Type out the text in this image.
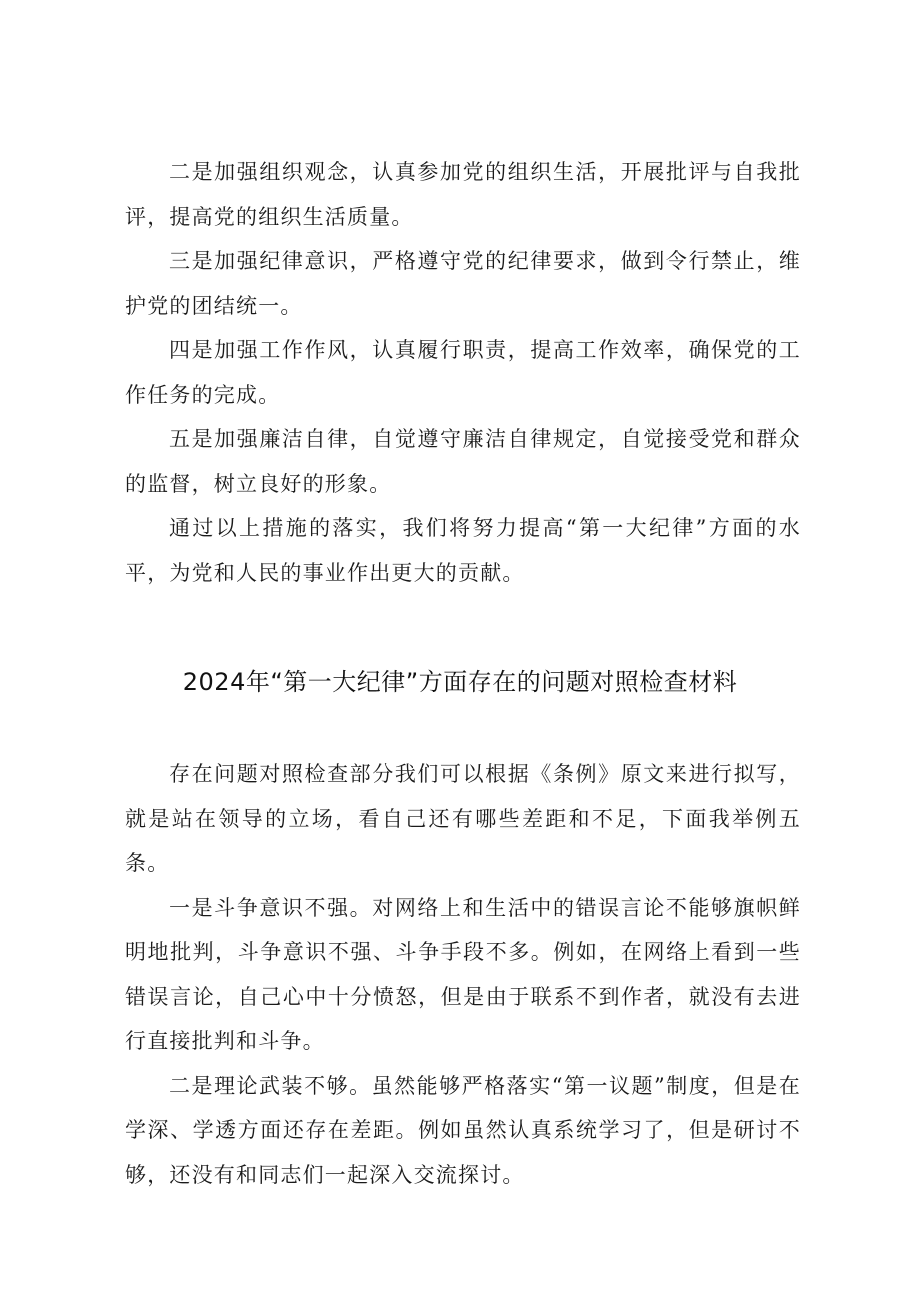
二是加强组织观念，认真参加党的组织生活，开展批评与自我批评，提高党的组织生活质量。

三是加强纪律意识，严格遵守党的纪律要求，做到令行禁止，维护党的团结统一。

四是加强工作作风，认真履行职责，提高工作效率，确保党的工作任务的完成。

五是加强廉洁自律，自觉遵守廉洁自律规定，自觉接受党和群众的监督，树立良好的形象。

通过以上措施的落实，我们将努力提高“第一大纪律”方面的水平，为党和人民的事业作出更大的贡献。

2024年“第一大纪律”方面存在的问题对照检查材料

存在问题对照检查部分我们可以根据《条例》原文来进行拟写，就是站在领导的立场，看自己还有哪些差距和不足，下面我举例五条。

一是斗争意识不强。对网络上和生活中的错误言论不能够旗帜鲜明地批判，斗争意识不强、斗争手段不多。例如，在网络上看到一些错误言论，自己心中十分愤怒，但是由于联系不到作者，就没有去进行直接批判和斗争。

二是理论武装不够。虽然能够严格落实“第一议题”制度，但是在学深、学透方面还存在差距。例如虽然认真系统学习了，但是研讨不够，还没有和同志们一起深入交流探讨。
